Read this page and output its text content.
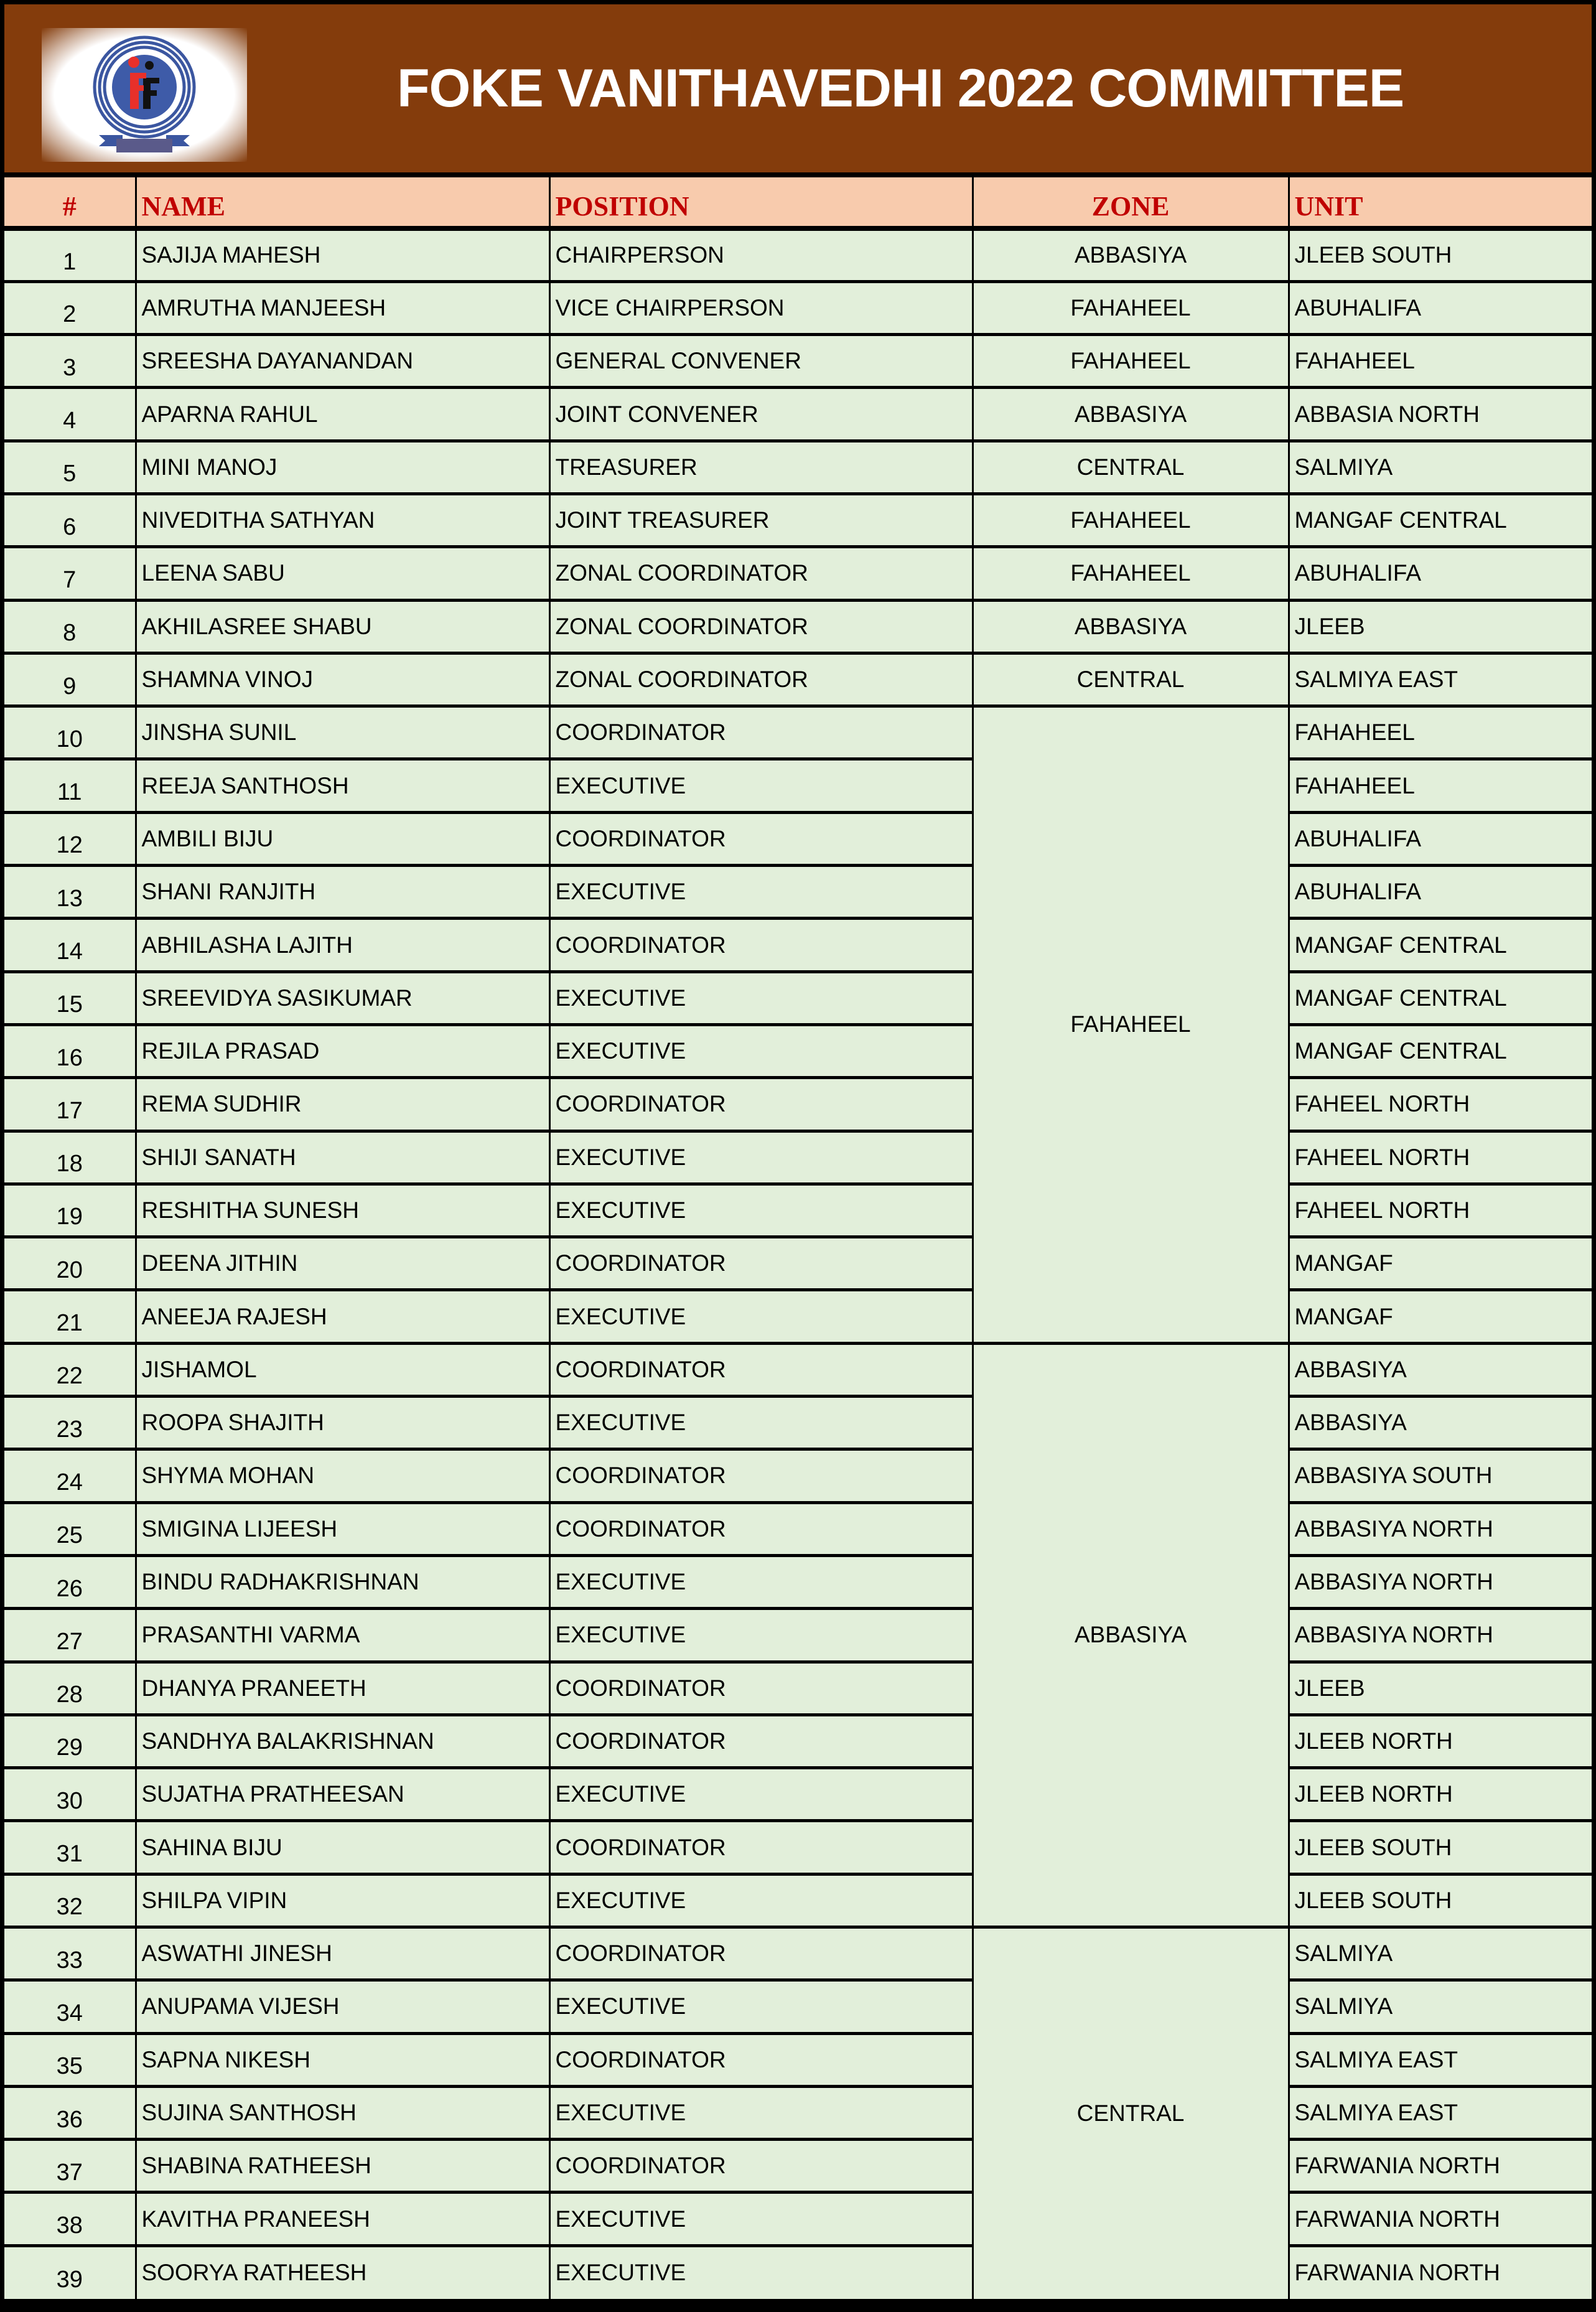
FOKE VANITHAVEDHI 2022 COMMITTEE
#	NAME	POSITION	ZONE	UNIT
1	SAJIJA MAHESH	CHAIRPERSON	ABBASIYA	JLEEB SOUTH
2	AMRUTHA MANJEESH	VICE CHAIRPERSON	FAHAHEEL	ABUHALIFA
3	SREESHA DAYANANDAN	GENERAL CONVENER	FAHAHEEL	FAHAHEEL
4	APARNA RAHUL	JOINT CONVENER	ABBASIYA	ABBASIA NORTH
5	MINI MANOJ	TREASURER	CENTRAL	SALMIYA
6	NIVEDITHA SATHYAN	JOINT TREASURER	FAHAHEEL	MANGAF CENTRAL
7	LEENA SABU	ZONAL COORDINATOR	FAHAHEEL	ABUHALIFA
8	AKHILASREE SHABU	ZONAL COORDINATOR	ABBASIYA	JLEEB
9	SHAMNA VINOJ	ZONAL COORDINATOR	CENTRAL	SALMIYA EAST
10	JINSHA SUNIL	COORDINATOR	FAHAHEEL	FAHAHEEL
11	REEJA SANTHOSH	EXECUTIVE		FAHAHEEL
12	AMBILI BIJU	COORDINATOR		ABUHALIFA
13	SHANI RANJITH	EXECUTIVE		ABUHALIFA
14	ABHILASHA LAJITH	COORDINATOR		MANGAF CENTRAL
15	SREEVIDYA SASIKUMAR	EXECUTIVE		MANGAF CENTRAL
16	REJILA PRASAD	EXECUTIVE		MANGAF CENTRAL
17	REMA SUDHIR	COORDINATOR		FAHEEL NORTH
18	SHIJI SANATH	EXECUTIVE		FAHEEL NORTH
19	RESHITHA SUNESH	EXECUTIVE		FAHEEL NORTH
20	DEENA JITHIN	COORDINATOR		MANGAF
21	ANEEJA RAJESH	EXECUTIVE		MANGAF
22	JISHAMOL	COORDINATOR	ABBASIYA	ABBASIYA
23	ROOPA SHAJITH	EXECUTIVE		ABBASIYA
24	SHYMA MOHAN	COORDINATOR		ABBASIYA SOUTH
25	SMIGINA LIJEESH	COORDINATOR		ABBASIYA NORTH
26	BINDU RADHAKRISHNAN	EXECUTIVE		ABBASIYA NORTH
27	PRASANTHI VARMA	EXECUTIVE		ABBASIYA NORTH
28	DHANYA PRANEETH	COORDINATOR		JLEEB
29	SANDHYA BALAKRISHNAN	COORDINATOR		JLEEB NORTH
30	SUJATHA PRATHEESAN	EXECUTIVE		JLEEB NORTH
31	SAHINA BIJU	COORDINATOR		JLEEB SOUTH
32	SHILPA VIPIN	EXECUTIVE		JLEEB SOUTH
33	ASWATHI JINESH	COORDINATOR	CENTRAL	SALMIYA
34	ANUPAMA VIJESH	EXECUTIVE		SALMIYA
35	SAPNA NIKESH	COORDINATOR		SALMIYA EAST
36	SUJINA SANTHOSH	EXECUTIVE		SALMIYA EAST
37	SHABINA RATHEESH	COORDINATOR		FARWANIA NORTH
38	KAVITHA PRANEESH	EXECUTIVE		FARWANIA NORTH
39	SOORYA RATHEESH	EXECUTIVE		FARWANIA NORTH
